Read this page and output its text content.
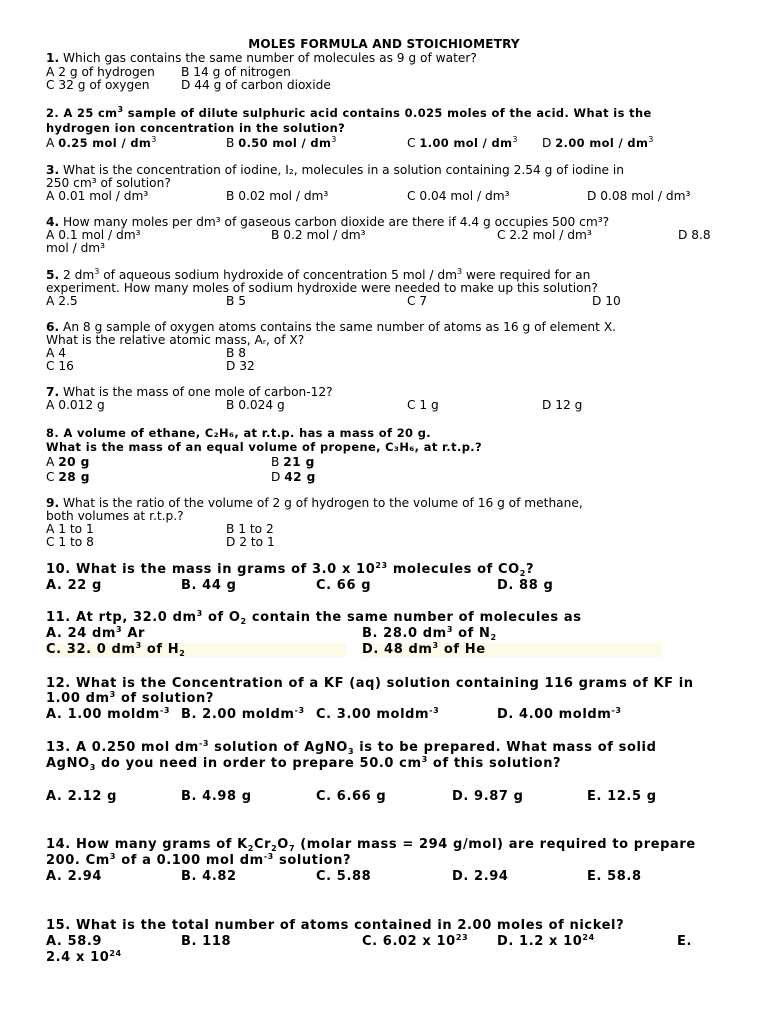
MOLES FORMULA AND STOICHIOMETRY
1. Which gas contains the same number of molecules as 9 g of water?
A 2 g of hydrogen B 14 g of nitrogen
C 32 g of oxygen	D 44 g of carbon dioxide
2. A 25 $cm^3$ sample of dilute sulphuric acid contains 0.025 moles of the acid. What is the
hydrogen ion concentration in the solution?
A 0.25 mol / $dm^3$	B 0.50 mol / $dm^3$	C 1.00 mol / $dm^3$ D 2.00 mol / $dm^3$
3. What is the concentration of iodine, I₂, molecules in a solution containing 2.54 g of iodine in
250 cm³ of solution?
A 0.01 mol / dm³	B 0.02 mol / dm³	C 0.04 mol / dm³	D 0.08 mol / dm³
4. How many moles per dm³ of gaseous carbon dioxide are there if 4.4 g occupies 500 cm³?
A 0.1 mol / dm³	B 0.2 mol / dm³	C 2.2 mol / dm³	D 8.8
mol / dm³
5. 2 $dm^3$ of aqueous sodium hydroxide of concentration 5 mol / $dm^3$ were required for an
experiment. How many moles of sodium hydroxide were needed to make up this solution?
A 2.5	B 5	C 7	D 10
6. An 8 g sample of oxygen atoms contains the same number of atoms as 16 g of element X.
What is the relative atomic mass, Aᵣ, of X?
A 4	B 8
C 16	D 32
7. What is the mass of one mole of carbon-12?
A 0.012 g	B 0.024 g	C 1 g	D 12 g
8. A volume of ethane, C₂H₆, at r.t.p. has a mass of 20 g.
What is the mass of an equal volume of propene, C₃H₆, at r.t.p.?
A 20 g	B 21 g
C 28 g	D 42 g
9. What is the ratio of the volume of 2 g of hydrogen to the volume of 16 g of methane,
both volumes at r.t.p.?
A 1 to 1	B 1 to 2
C 1 to 8	D 2 to 1
10. What is the mass in grams of 3.0 x $10^{23}$ molecules of $CO_2$?
A. 22 g	B. 44 g	C. 66 g	D. 88 g
11. At rtp, 32.0 $dm^3$ of $O_2$ contain the same number of molecules as
A. 24 $dm^3$ Ar	B. 28.0 $dm^3$ of $N_2$
C. 32. 0 $dm^3$ of $H_2$	D. 48 $dm^3$ of He
12. What is the Concentration of a KF (aq) solution containing 116 grams of KF in
1.00 $dm^3$ of solution?
A. 1.00 moldm$^{-3}$ B. 2.00 moldm$^{-3}$ C. 3.00 moldm$^{-3}$	D. 4.00 moldm$^{-3}$
13. A 0.250 mol $dm^{-3}$ solution of AgNO$_3$ is to be prepared. What mass of solid
AgNO$_3$ do you need in order to prepare 50.0 $cm^3$ of this solution?
A. 2.12 g	B. 4.98 g	C. 6.66 g	D. 9.87 g	E. 12.5 g
14. How many grams of $K_2Cr_2O_7$ (molar mass = 294 g/mol) are required to prepare
200. Cm$^3$ of a 0.100 mol $dm^{-3}$ solution?
A. 2.94	B. 4.82	C. 5.88	D. 2.94	E. 58.8
15. What is the total number of atoms contained in 2.00 moles of nickel?
A. 58.9	B. 118	C. 6.02 x $10^{23}$ D. 1.2 x $10^{24}$	E.
2.4 x $10^{24}$
